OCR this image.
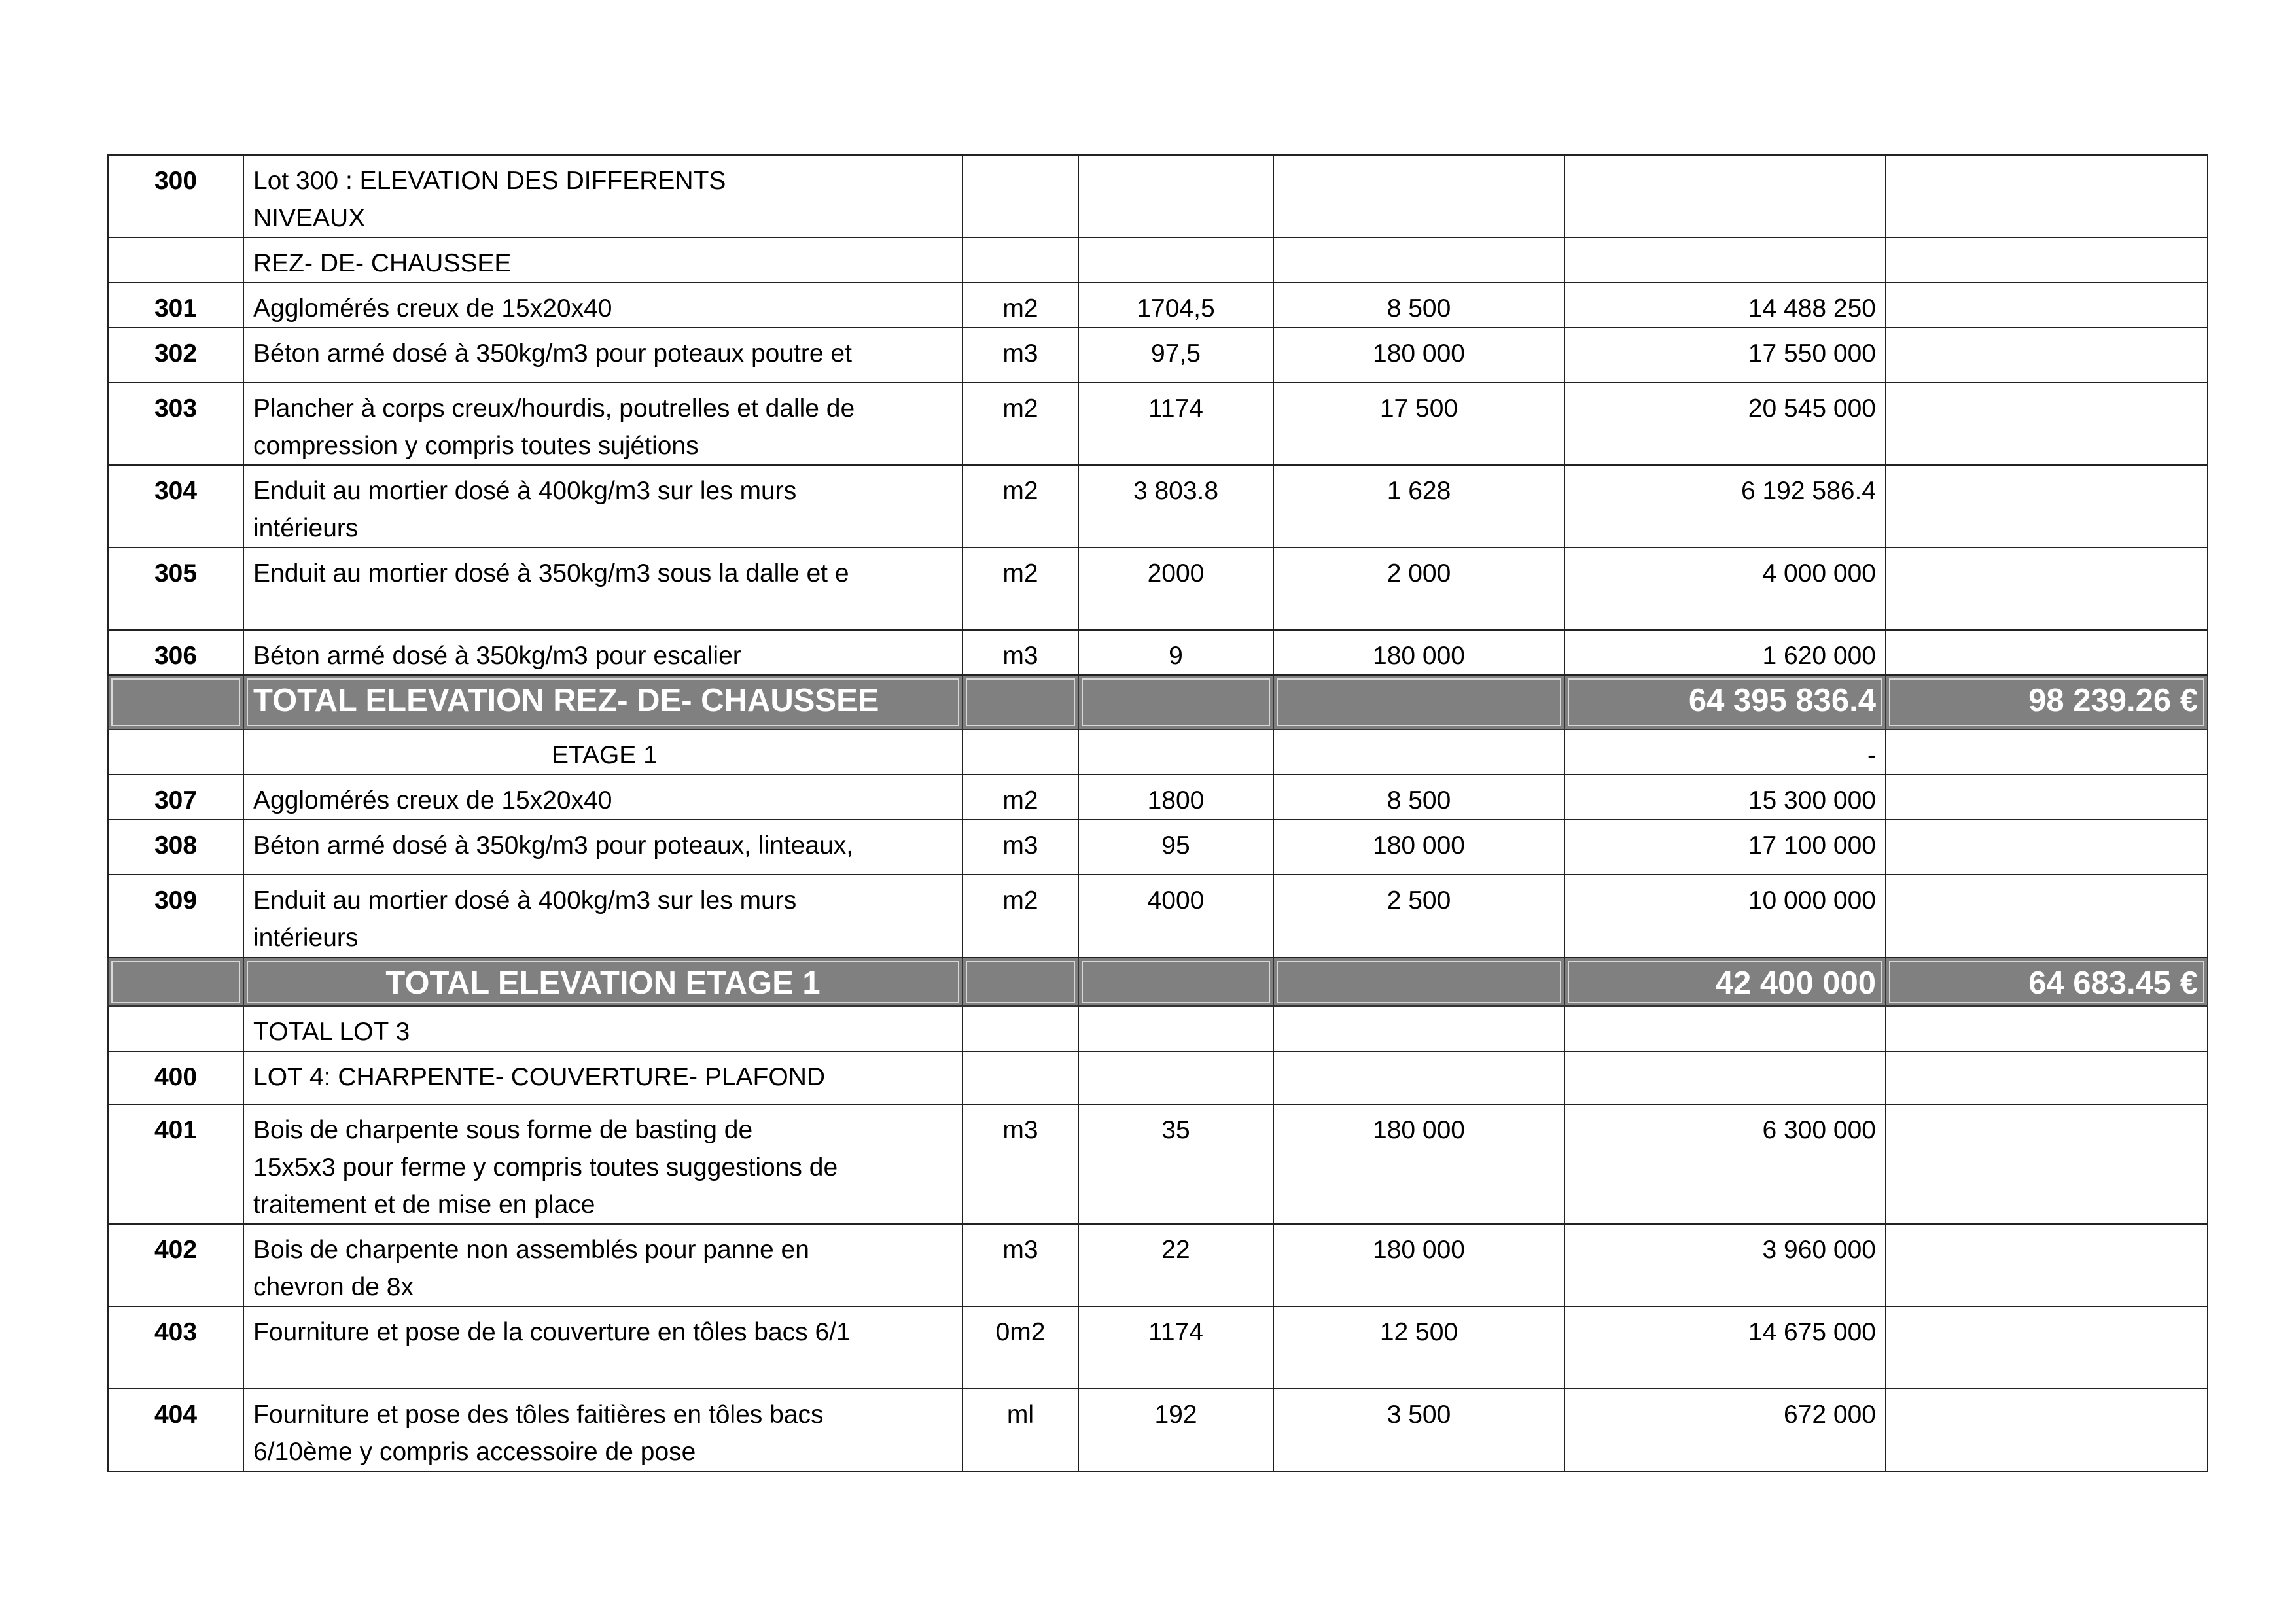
300	Lot 300 : ELEVATION DES DIFFERENTS
NIVEAUX					

	REZ- DE- CHAUSSEE					

301	Agglomérés creux de 15x20x40	m2	1704,5	8 500	14 488 250	
302	Béton armé dosé à 350kg/m3 pour poteaux poutre et	m3	97,5	180 000	17 550 000	
303	Plancher à corps creux/hourdis, poutrelles et dalle de
compression y compris toutes sujétions	m2	1174	17 500	20 545 000	
304	Enduit au mortier dosé à 400kg/m3 sur les murs
intérieurs	m2	3 803.8	1 628	6 192 586.4	
305	Enduit au mortier dosé à 350kg/m3 sous la dalle et e	m2	2000	2 000	4 000 000	
306	Béton armé dosé à 350kg/m3 pour escalier	m3	9	180 000	1 620 000	
	TOTAL ELEVATION REZ- DE- CHAUSSEE				64 395 836.4	98 239.26 €

	ETAGE 1				-	
307	Agglomérés creux de 15x20x40	m2	1800	8 500	15 300 000	
308	Béton armé dosé à 350kg/m3 pour poteaux, linteaux,	m3	95	180 000	17 100 000	
309	Enduit au mortier dosé à 400kg/m3 sur les murs
intérieurs	m2	4000	2 500	10 000 000	
	TOTAL ELEVATION ETAGE 1				42 400 000	64 683.45 €

	TOTAL LOT 3					

400	LOT 4: CHARPENTE- COUVERTURE- PLAFOND					

401	Bois de charpente sous forme de basting de
15x5x3 pour ferme y compris toutes suggestions de
traitement et de mise en place	m3	35	180 000	6 300 000	
402	Bois de charpente non assemblés pour panne en
chevron de 8x	m3	22	180 000	3 960 000	
403	Fourniture et pose de la couverture en tôles bacs 6/1	0m2	1174	12 500	14 675 000	
404	Fourniture et pose des tôles faitières en tôles bacs
6/10ème y compris accessoire de pose	ml	192	3 500	672 000	
